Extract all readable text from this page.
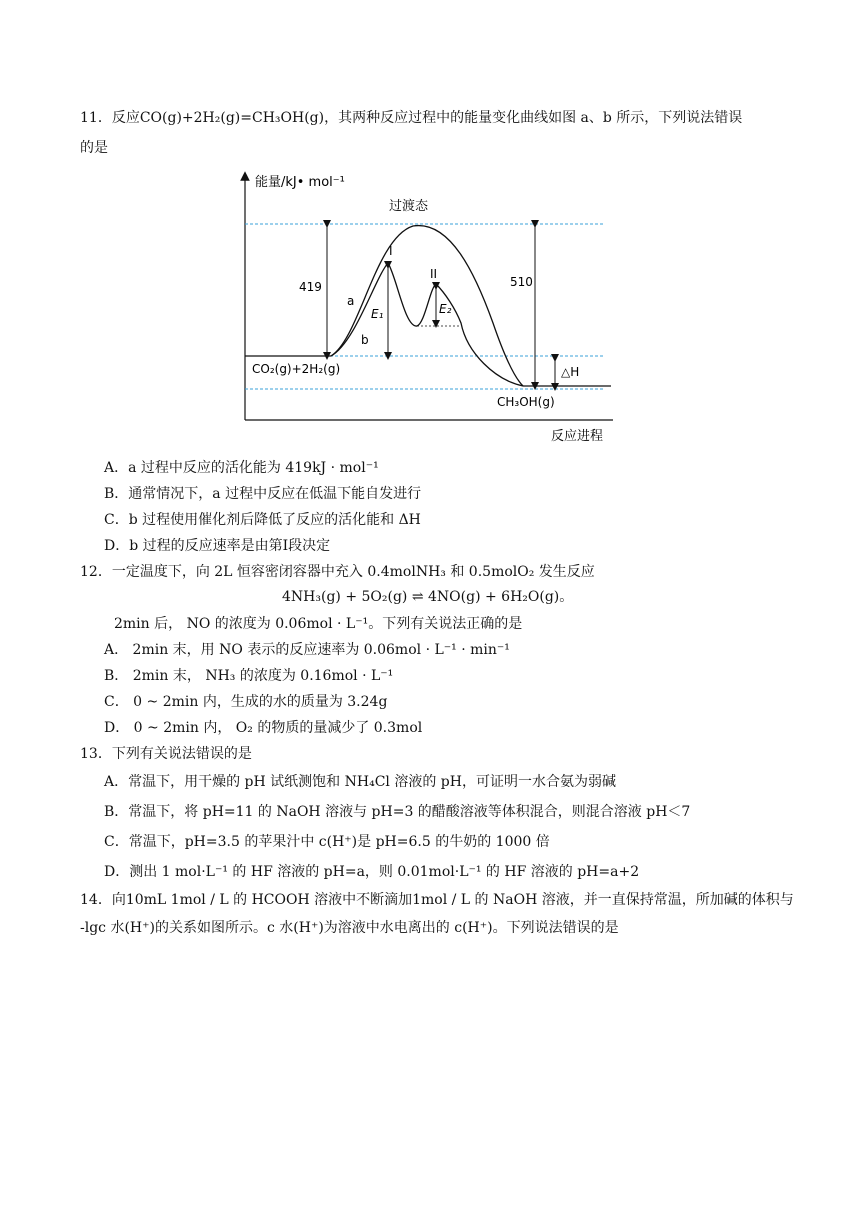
11．反应CO(g)+2H₂(g)=CH₃OH(g)，其两种反应过程中的能量变化曲线如图 a、b 所示，下列说法错误
的是
能量/kJ• mol⁻¹
反应进程
419	510
E₁	E₂
△H
过渡态
I
II
a
b
CO₂(g)+2H₂(g)
CH₃OH(g)
A．a 过程中反应的活化能为 419kJ · mol⁻¹
B．通常情况下，a 过程中反应在低温下能自发进行
C．b 过程使用催化剂后降低了反应的活化能和 ΔH
D．b 过程的反应速率是由第Ⅰ段决定
12．一定温度下，向 2L 恒容密闭容器中充入 0.4molNH₃ 和 0.5molO₂ 发生反应
4NH₃(g) + 5O₂(g) ⇌ 4NO(g) + 6H₂O(g)。
2min 后， NO 的浓度为 0.06mol · L⁻¹。下列有关说法正确的是
A． 2min 末，用 NO 表示的反应速率为 0.06mol · L⁻¹ · min⁻¹
B． 2min 末， NH₃ 的浓度为 0.16mol · L⁻¹
C． 0 ~ 2min 内，生成的水的质量为 3.24g
D． 0 ~ 2min 内， O₂ 的物质的量减少了 0.3mol
13．下列有关说法错误的是
A．常温下，用干燥的 pH 试纸测饱和 NH₄Cl 溶液的 pH，可证明一水合氨为弱碱
B．常温下，将 pH=11 的 NaOH 溶液与 pH=3 的醋酸溶液等体积混合，则混合溶液 pH＜7
C．常温下，pH=3.5 的苹果汁中 c(H⁺)是 pH=6.5 的牛奶的 1000 倍
D．测出 1 mol·L⁻¹ 的 HF 溶液的 pH=a，则 0.01mol·L⁻¹ 的 HF 溶液的 pH=a+2
14．向10mL 1mol / L 的 HCOOH 溶液中不断滴加1mol / L 的 NaOH 溶液，并一直保持常温，所加碱的体积与
-lgc 水(H⁺)的关系如图所示。c 水(H⁺)为溶液中水电离出的 c(H⁺)。下列说法错误的是
